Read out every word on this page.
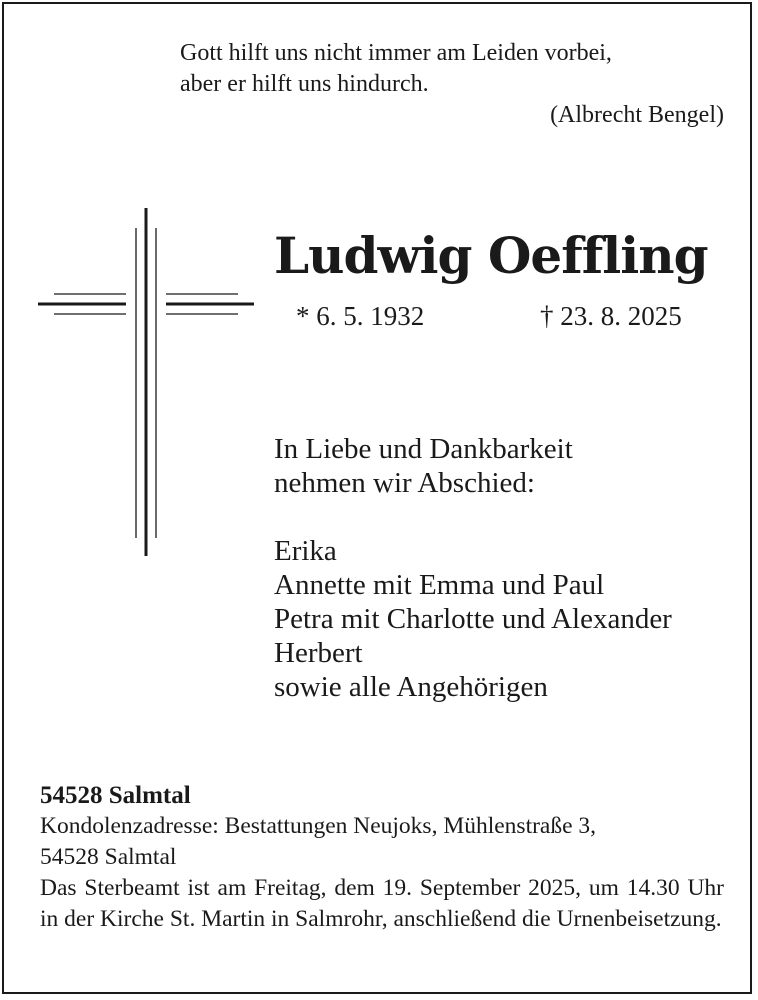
Gott hilft uns nicht immer am Leiden vorbei,
aber er hilft uns hindurch.
(Albrecht Bengel)
Ludwig Oeffling
* 6. 5. 1932	† 23. 8. 2025

In Liebe und Dankbarkeit

nehmen wir Abschied:

Erika

Annette mit Emma und Paul

Petra mit Charlotte und Alexander

Herbert

sowie alle Angehörigen

54528 Salmtal
Kondolenzadresse: Bestattungen Neujoks, Mühlenstraße 3,
54528 Salmtal
Das Sterbeamt ist am Freitag, dem 19. September 2025, um 14.30 Uhr in der Kirche St. Martin in Salmrohr, anschließend die Urnenbeisetzung.
